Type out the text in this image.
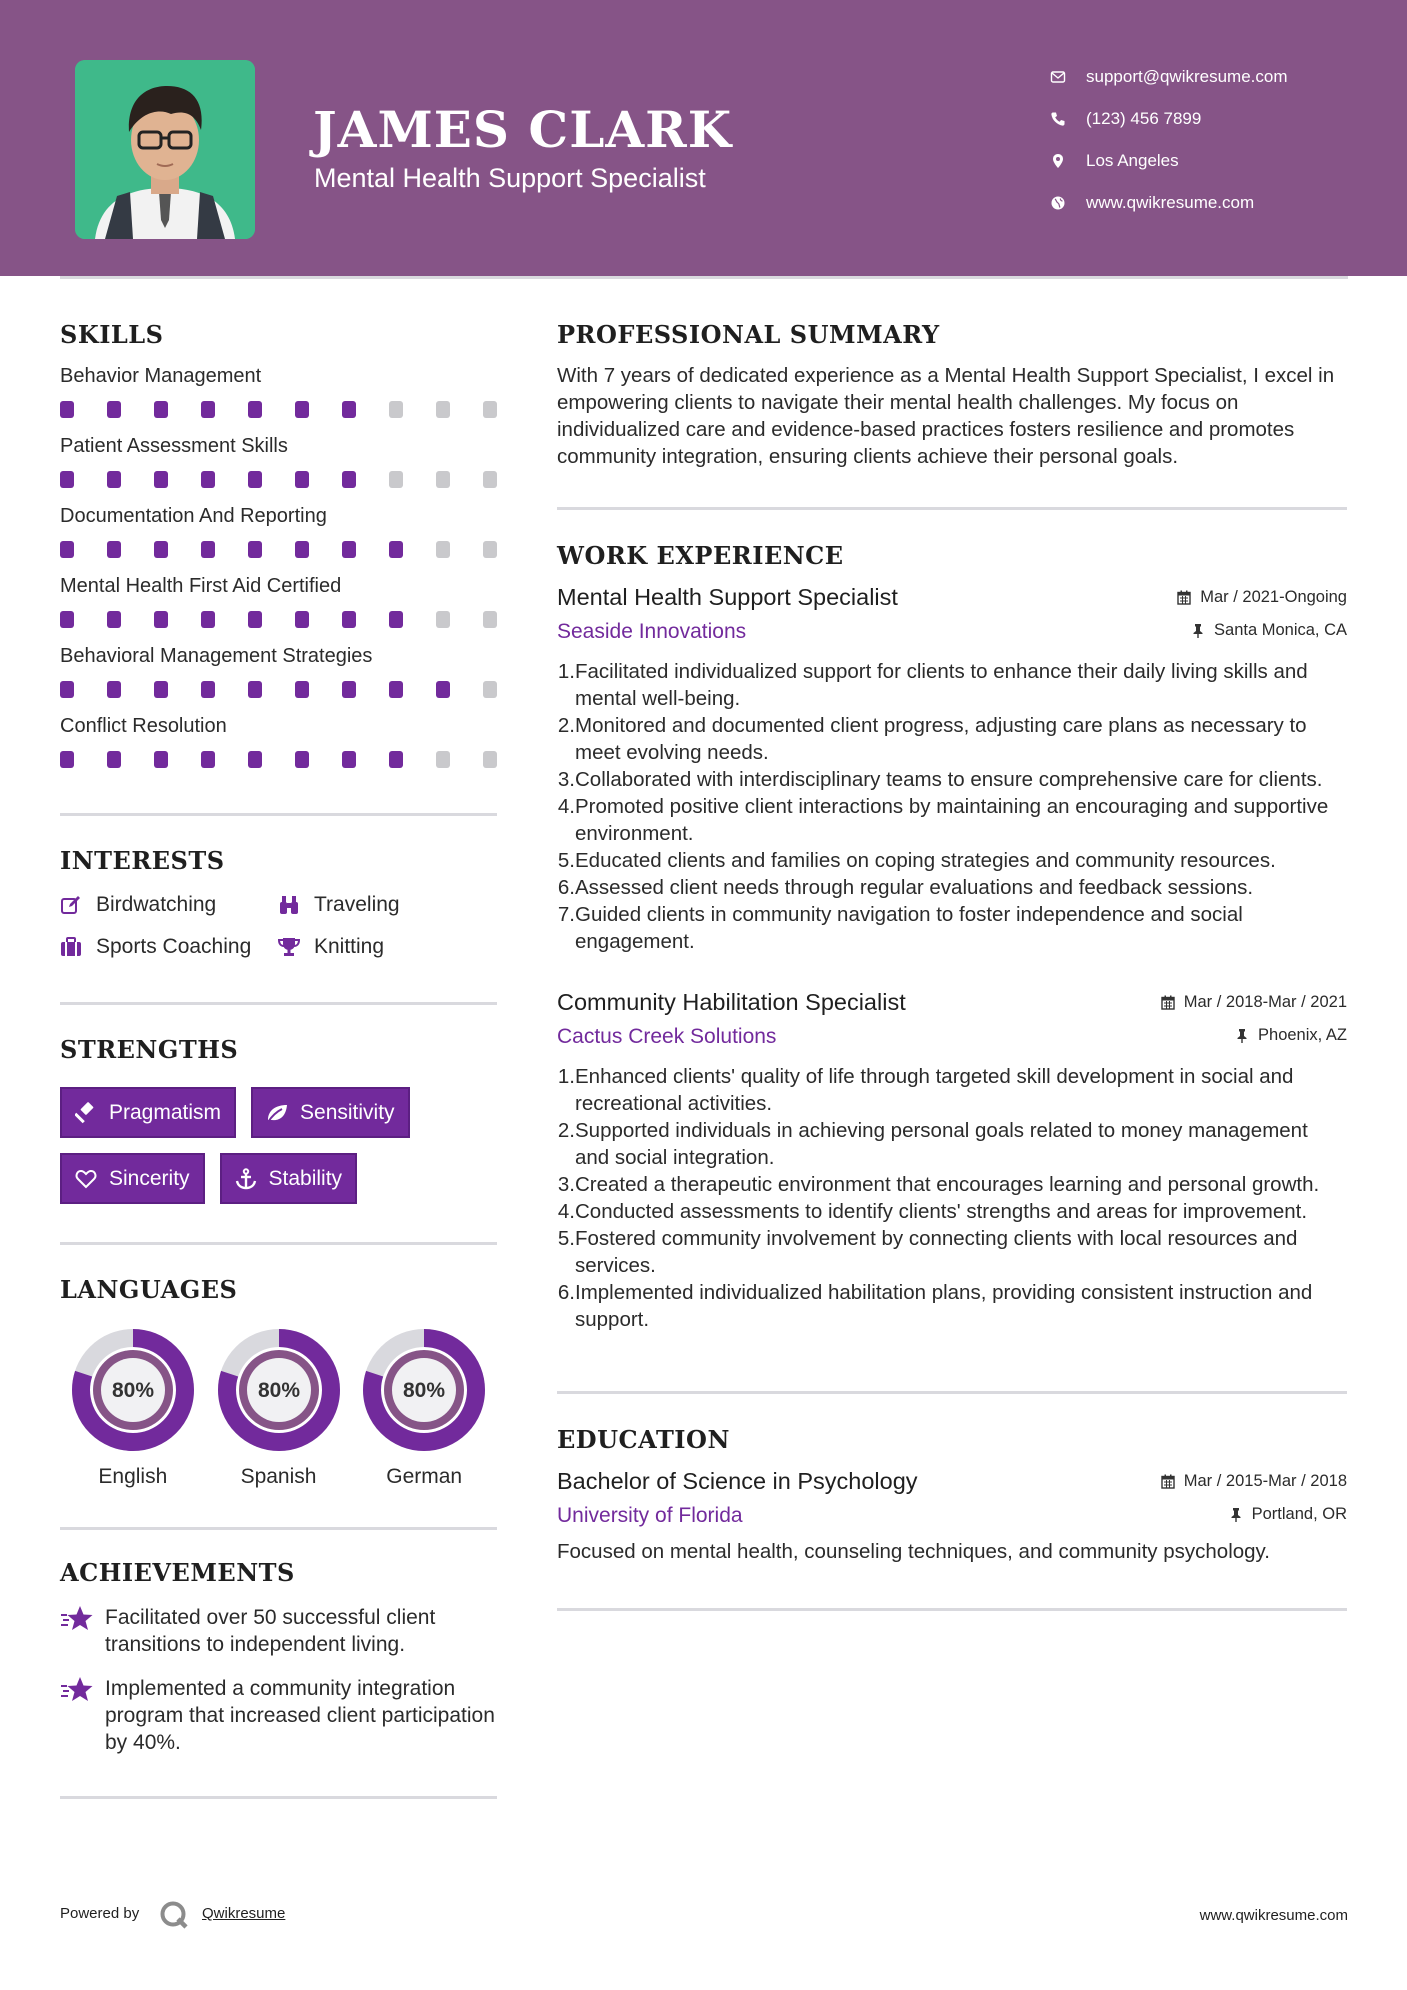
JAMES CLARK
Mental Health Support Specialist
support@qwikresume.com
(123) 456 7899
Los Angeles
www.qwikresume.com
SKILLS
Behavior Management
Patient Assessment Skills
Documentation And Reporting
Mental Health First Aid Certified
Behavioral Management Strategies
Conflict Resolution
INTERESTS
Birdwatching	Traveling
Sports Coaching	Knitting
STRENGTHS
Pragmatism	Sensitivity
Sincerity	Stability
LANGUAGES
80%
English
80%
Spanish
80%
German
ACHIEVEMENTS
Facilitated over 50 successful client transitions to independent living.
Implemented a community integration program that increased client participation by 40%.
PROFESSIONAL SUMMARY
With 7 years of dedicated experience as a Mental Health Support Specialist, I excel in empowering clients to navigate their mental health challenges. My focus on individualized care and evidence-based practices fosters resilience and promotes community integration, ensuring clients achieve their personal goals.
WORK EXPERIENCE
Mental Health Support Specialist	Mar / 2021-Ongoing
Seaside Innovations	Santa Monica, CA
1. Facilitated individualized support for clients to enhance their daily living skills and mental well-being.
2. Monitored and documented client progress, adjusting care plans as necessary to meet evolving needs.
3. Collaborated with interdisciplinary teams to ensure comprehensive care for clients.
4. Promoted positive client interactions by maintaining an encouraging and supportive environment.
5. Educated clients and families on coping strategies and community resources.
6. Assessed client needs through regular evaluations and feedback sessions.
7. Guided clients in community navigation to foster independence and social engagement.
Community Habilitation Specialist	Mar / 2018-Mar / 2021
Cactus Creek Solutions	Phoenix, AZ
1. Enhanced clients' quality of life through targeted skill development in social and recreational activities.
2. Supported individuals in achieving personal goals related to money management and social integration.
3. Created a therapeutic environment that encourages learning and personal growth.
4. Conducted assessments to identify clients' strengths and areas for improvement.
5. Fostered community involvement by connecting clients with local resources and services.
6. Implemented individualized habilitation plans, providing consistent instruction and support.
EDUCATION
Bachelor of Science in Psychology	Mar / 2015-Mar / 2018
University of Florida	Portland, OR
Focused on mental health, counseling techniques, and community psychology.
Powered by	Qwikresume	www.qwikresume.com
